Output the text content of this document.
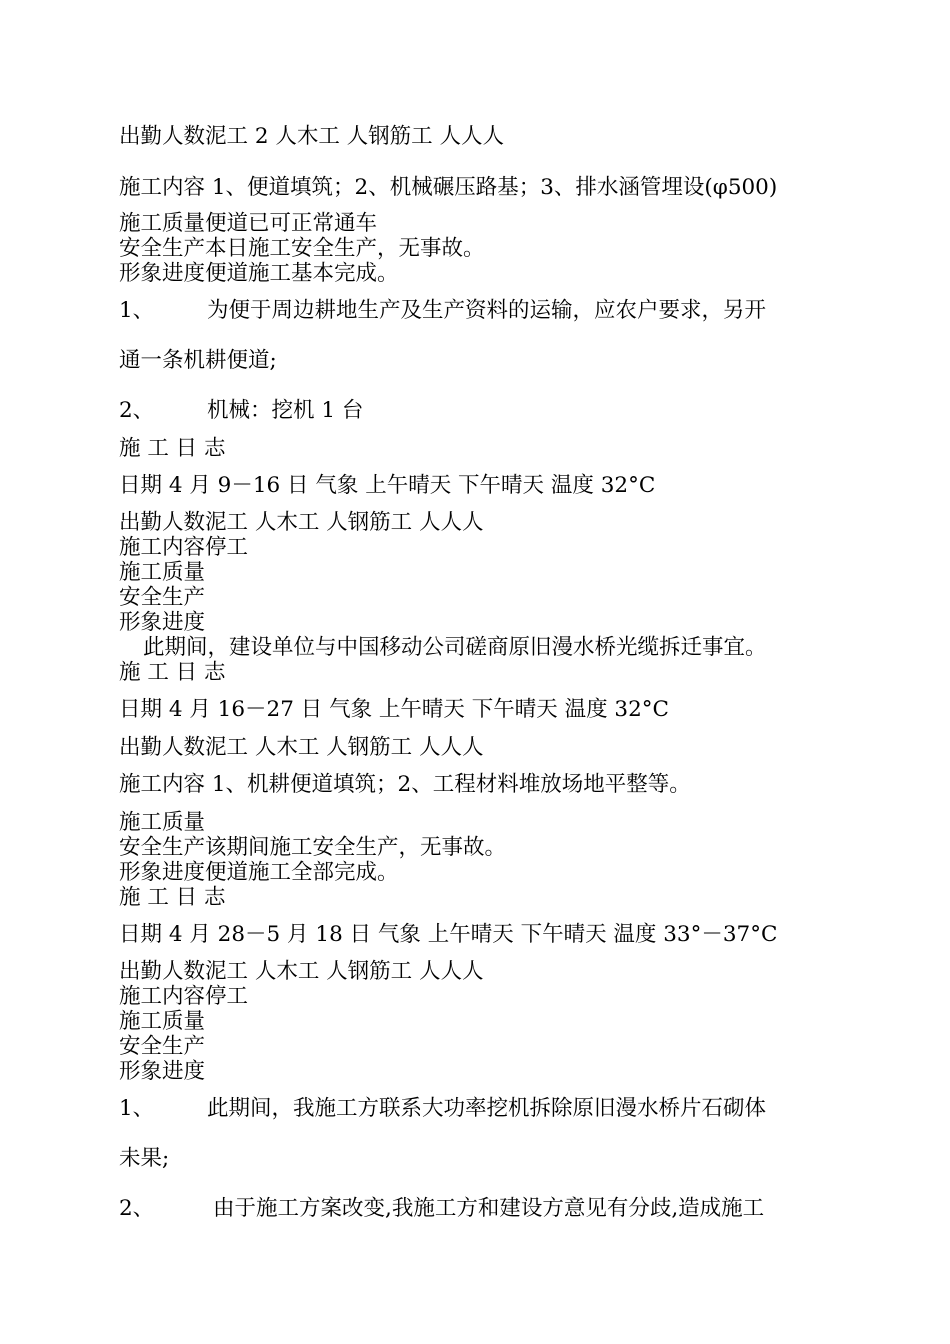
出勤人数泥工 2 人木工 人钢筋工 人人人
施工内容 1、便道填筑；2、机械碾压路基；3、排水涵管埋设(φ500)
施工质量便道已可正常通车
安全生产本日施工安全生产，无事故。
形象进度便道施工基本完成。
1、 为便于周边耕地生产及生产资料的运输，应农户要求，另开
通一条机耕便道;
2、 机械：挖机 1 台
施 工 日 志
日期 4 月 9－16 日 气象 上午晴天 下午晴天 温度 32°C
出勤人数泥工 人木工 人钢筋工 人人人
施工内容停工
施工质量
安全生产
形象进度
此期间，建设单位与中国移动公司磋商原旧漫水桥光缆拆迁事宜。
施 工 日 志
日期 4 月 16－27 日 气象 上午晴天 下午晴天 温度 32°C
出勤人数泥工 人木工 人钢筋工 人人人
施工内容 1、机耕便道填筑；2、工程材料堆放场地平整等。
施工质量
安全生产该期间施工安全生产，无事故。
形象进度便道施工全部完成。
施 工 日 志
日期 4 月 28－5 月 18 日 气象 上午晴天 下午晴天 温度 33°－37°C
出勤人数泥工 人木工 人钢筋工 人人人
施工内容停工
施工质量
安全生产
形象进度
1、 此期间，我施工方联系大功率挖机拆除原旧漫水桥片石砌体
未果;
2、	由于施工方案改变,我施工方和建设方意见有分歧,造成施工
